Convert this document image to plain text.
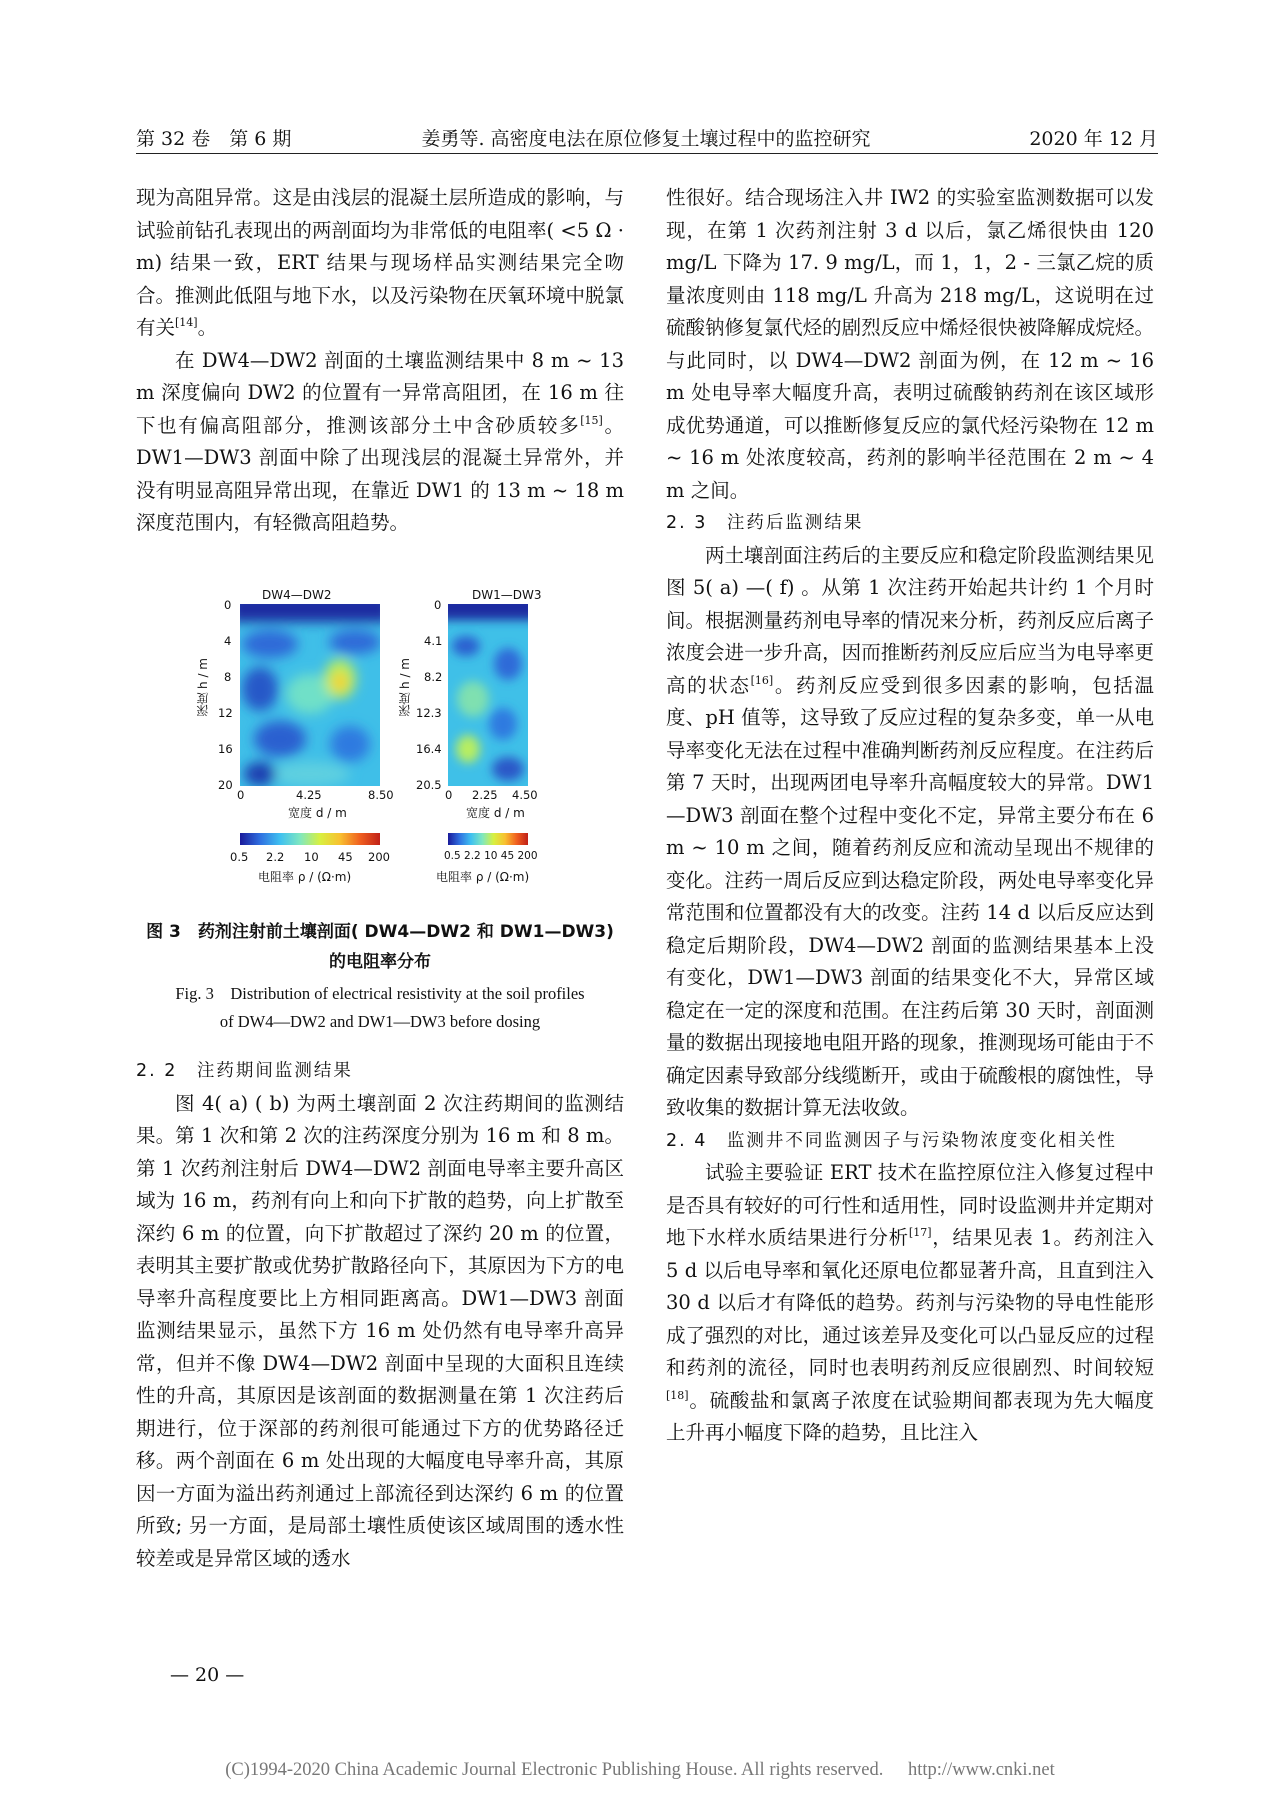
第 32 卷　第 6 期	姜勇等. 高密度电法在原位修复土壤过程中的监控研究	2020 年 12 月

现为高阻异常。这是由浅层的混凝土层所造成的影响，与试验前钻孔表现出的两剖面均为非常低的电阻率( <5 Ω · m) 结果一致，ERT 结果与现场样品实测结果完全吻合。推测此低阻与地下水，以及污染物在厌氧环境中脱氯有关[14]。

在 DW4—DW2 剖面的土壤监测结果中 8 m ~ 13 m 深度偏向 DW2 的位置有一异常高阻团，在 16 m 往下也有偏高阻部分，推测该部分土中含砂质较多[15]。DW1—DW3 剖面中除了出现浅层的混凝土异常外，并没有明显高阻异常出现，在靠近 DW1 的 13 m ~ 18 m 深度范围内，有轻微高阻趋势。

DW4—DW2
深度 h / m
0
4
8
12
16
20
0	4.25	8.50
宽度 d / m
0.5 2.2 10 45 200
电阻率 ρ / (Ω·m)
DW1—DW3
深度 h / m
0
4.1
8.2
12.3
16.4
20.5
0 2.25 4.50
宽度 d / m
0.5 2.2 10 45 200
电阻率 ρ / (Ω·m)
图 3　药剂注射前土壤剖面( DW4—DW2 和 DW1—DW3)
的电阻率分布
Fig. 3　Distribution of electrical resistivity at the soil profiles
of DW4—DW2 and DW1—DW3 before dosing

2. 2　注药期间监测结果

图 4( a) ( b) 为两土壤剖面 2 次注药期间的监测结果。第 1 次和第 2 次的注药深度分别为 16 m 和 8 m。第 1 次药剂注射后 DW4—DW2 剖面电导率主要升高区域为 16 m，药剂有向上和向下扩散的趋势，向上扩散至深约 6 m 的位置，向下扩散超过了深约 20 m 的位置，表明其主要扩散或优势扩散路径向下，其原因为下方的电导率升高程度要比上方相同距离高。DW1—DW3 剖面监测结果显示，虽然下方 16 m 处仍然有电导率升高异常，但并不像 DW4—DW2 剖面中呈现的大面积且连续性的升高，其原因是该剖面的数据测量在第 1 次注药后期进行，位于深部的药剂很可能通过下方的优势路径迁移。两个剖面在 6 m 处出现的大幅度电导率升高，其原因一方面为溢出药剂通过上部流径到达深约 6 m 的位置所致; 另一方面，是局部土壤性质使该区域周围的透水性较差或是异常区域的透水

性很好。结合现场注入井 IW2 的实验室监测数据可以发现，在第 1 次药剂注射 3 d 以后，氯乙烯很快由 120 mg/L 下降为 17. 9 mg/L，而 1，1，2 - 三氯乙烷的质量浓度则由 118 mg/L 升高为 218 mg/L，这说明在过硫酸钠修复氯代烃的剧烈反应中烯烃很快被降解成烷烃。与此同时，以 DW4—DW2 剖面为例，在 12 m ~ 16 m 处电导率大幅度升高，表明过硫酸钠药剂在该区域形成优势通道，可以推断修复反应的氯代烃污染物在 12 m ~ 16 m 处浓度较高，药剂的影响半径范围在 2 m ~ 4 m 之间。

2. 3　注药后监测结果

两土壤剖面注药后的主要反应和稳定阶段监测结果见图 5( a) —( f) 。从第 1 次注药开始起共计约 1 个月时间。根据测量药剂电导率的情况来分析，药剂反应后离子浓度会进一步升高，因而推断药剂反应后应当为电导率更高的状态[16]。药剂反应受到很多因素的影响，包括温度、pH 值等，这导致了反应过程的复杂多变，单一从电导率变化无法在过程中准确判断药剂反应程度。在注药后第 7 天时，出现两团电导率升高幅度较大的异常。DW1—DW3 剖面在整个过程中变化不定，异常主要分布在 6 m ~ 10 m 之间，随着药剂反应和流动呈现出不规律的变化。注药一周后反应到达稳定阶段，两处电导率变化异常范围和位置都没有大的改变。注药 14 d 以后反应达到稳定后期阶段，DW4—DW2 剖面的监测结果基本上没有变化，DW1—DW3 剖面的结果变化不大，异常区域稳定在一定的深度和范围。在注药后第 30 天时，剖面测量的数据出现接地电阻开路的现象，推测现场可能由于不确定因素导致部分线缆断开，或由于硫酸根的腐蚀性，导致收集的数据计算无法收敛。

2. 4　监测井不同监测因子与污染物浓度变化相关性

试验主要验证 ERT 技术在监控原位注入修复过程中是否具有较好的可行性和适用性，同时设监测井并定期对地下水样水质结果进行分析[17]，结果见表 1。药剂注入 5 d 以后电导率和氧化还原电位都显著升高，且直到注入 30 d 以后才有降低的趋势。药剂与污染物的导电性能形成了强烈的对比，通过该差异及变化可以凸显反应的过程和药剂的流径，同时也表明药剂反应很剧烈、时间较短[18]。硫酸盐和氯离子浓度在试验期间都表现为先大幅度上升再小幅度下降的趋势，且比注入

— 20 —
(C)1994-2020 China Academic Journal Electronic Publishing House. All rights reserved. http://www.cnki.net
